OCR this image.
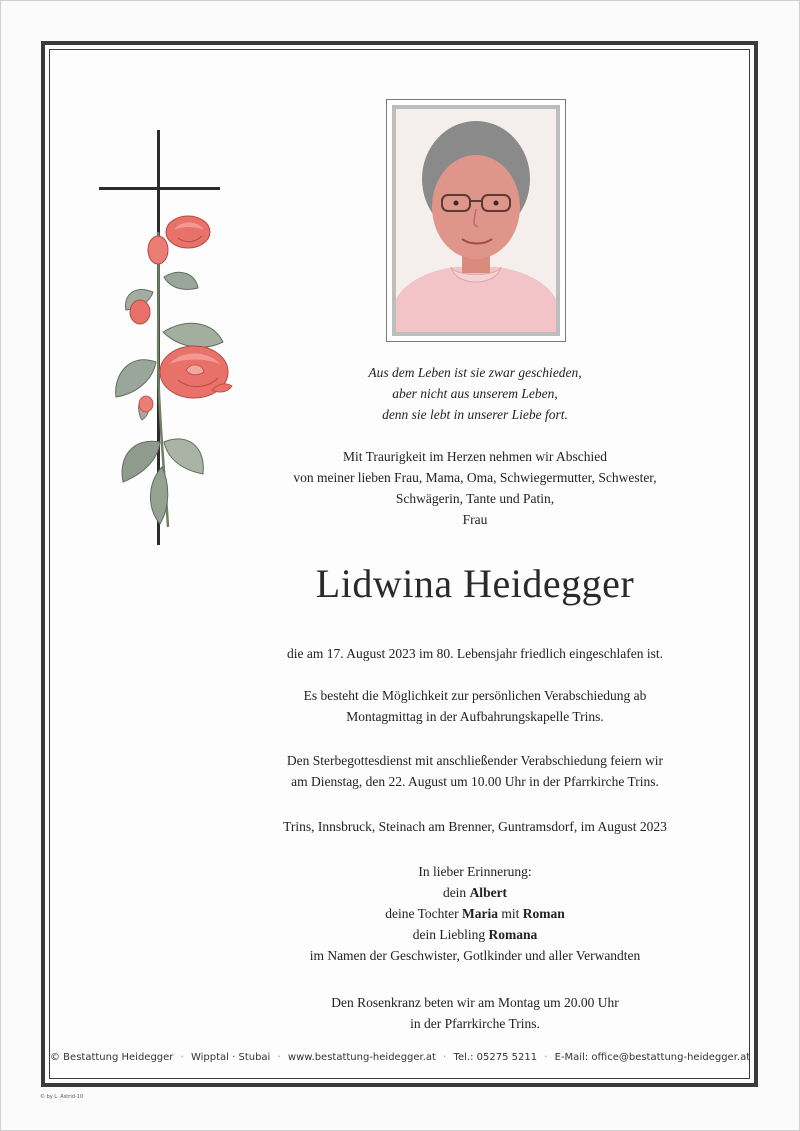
Aus dem Leben ist sie zwar geschieden,
aber nicht aus unserem Leben,
denn sie lebt in unserer Liebe fort.
Mit Traurigkeit im Herzen nehmen wir Abschied
von meiner lieben Frau, Mama, Oma, Schwiegermutter, Schwester,
Schwägerin, Tante und Patin,
Frau
Lidwina Heidegger
die am 17. August 2023 im 80. Lebensjahr friedlich eingeschlafen ist.
Es besteht die Möglichkeit zur persönlichen Verabschiedung ab
Montagmittag in der Aufbahrungskapelle Trins.
Den Sterbegottesdienst mit anschließender Verabschiedung feiern wir
am Dienstag, den 22. August um 10.00 Uhr in der Pfarrkirche Trins.
Trins, Innsbruck, Steinach am Brenner, Guntramsdorf, im August 2023
In lieber Erinnerung:
dein Albert
deine Tochter Maria mit Roman
dein Liebling Romana
im Namen der Geschwister, Gotlkinder und aller Verwandten
Den Rosenkranz beten wir am Montag um 20.00 Uhr
in der Pfarrkirche Trins.
© Bestattung Heidegger · Wipptal · Stubai · www.bestattung-heidegger.at · Tel.: 05275 5211 · E-Mail: office@bestattung-heidegger.at
© by L. Astrid-10
